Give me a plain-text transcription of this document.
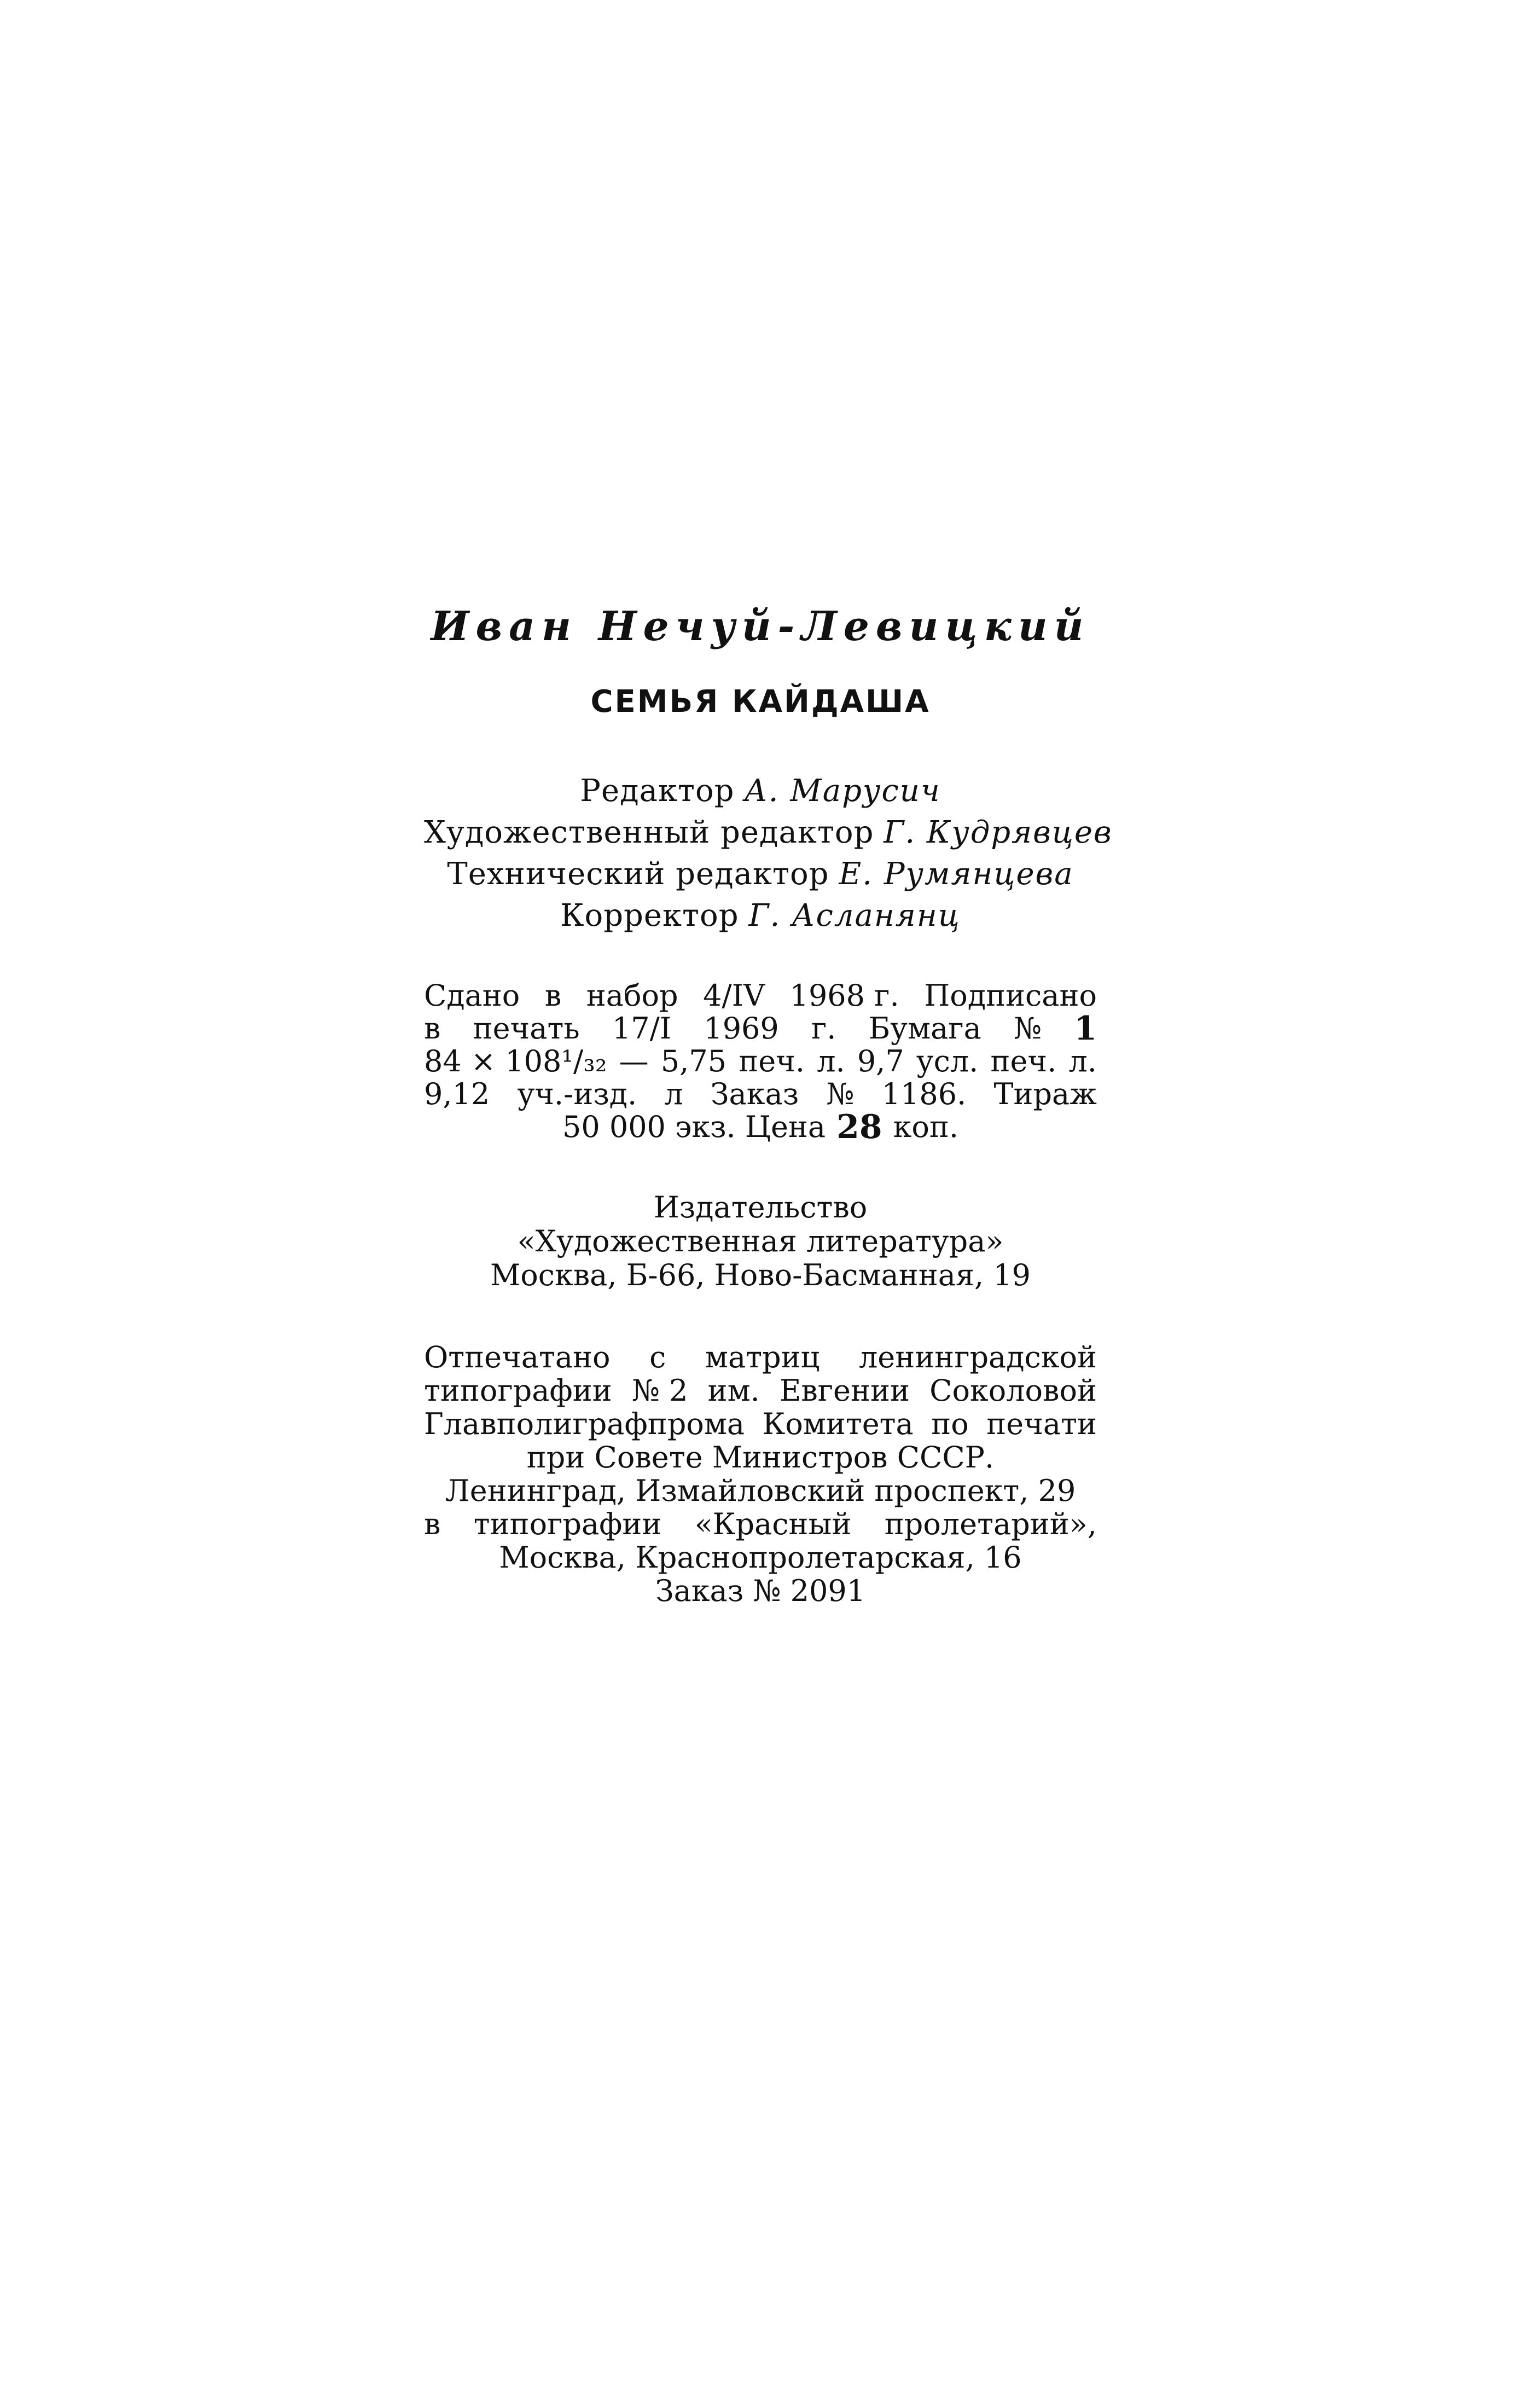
Иван Нечуй-Левицкий
СЕМЬЯ КАЙДАША

Редактор А. Марусич

Художественный редактор Г. Кудрявцев

Технический редактор Е. Румянцева

Корректор Г. Асланянц

Сдано в набор 4/IV 1968 г. Подписано
в печать 17/I 1969 г. Бумага № 1
84 × 108¹/₃₂ — 5,75 печ. л. 9,7 усл. печ. л.
9,12 уч.-изд. л Заказ № 1186. Тираж
50 000 экз. Цена 28 коп.
Издательство
«Художественная литература»
Москва, Б-66, Ново-Басманная, 19
Отпечатано с матриц ленинградской
типографии № 2 им. Евгении Соколовой
Главполиграфпрома Комитета по печати
при Совете Министров СССР.
Ленинград, Измайловский проспект, 29
в типографии «Красный пролетарий»,
Москва, Краснопролетарская, 16
Заказ № 2091
